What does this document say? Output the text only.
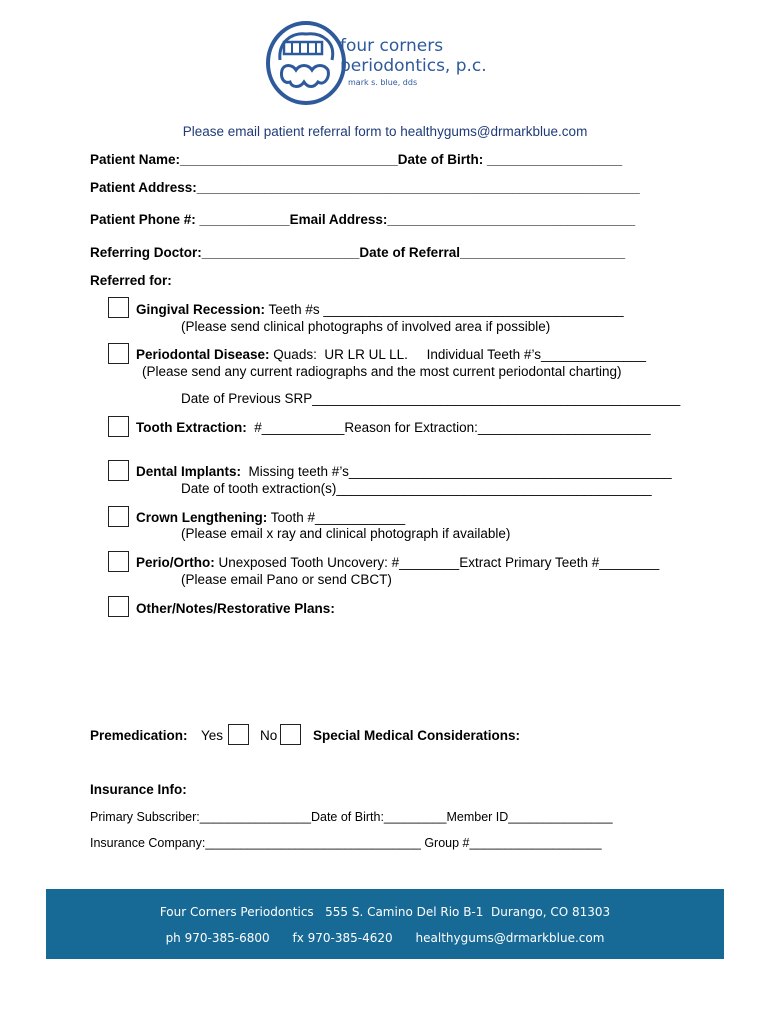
four corners
periodontics, p.c.
mark s. blue, dds
Please email patient referral form to healthygums@drmarkblue.com
Patient Name:_____________________________Date of Birth: __________________
Patient Address:___________________________________________________________
Patient Phone #: ____________Email Address:_________________________________
Referring Doctor:_____________________Date of Referral______________________
Referred for:
Gingival Recession: Teeth #s ________________________________________
(Please send clinical photographs of involved area if possible)
Periodontal Disease: Quads:  UR LR UL LL.     Individual Teeth #’s______________
(Please send any current radiographs and the most current periodontal charting)
Date of Previous SRP_________________________________________________
Tooth Extraction:  #___________Reason for Extraction:_______________________
Dental Implants:  Missing teeth #’s___________________________________________
Date of tooth extraction(s)__________________________________________
Crown Lengthening: Tooth #____________
(Please email x ray and clinical photograph if available)
Perio/Ortho: Unexposed Tooth Uncovery: #________Extract Primary Teeth #________
(Please email Pano or send CBCT)
Other/Notes/Restorative Plans:
Premedication: Yes	No	Special Medical Considerations:
Insurance Info:
Primary Subscriber:________________Date of Birth:_________Member ID_______________
Insurance Company:_______________________________ Group #___________________
Four Corners Periodontics   555 S. Camino Del Rio B-1  Durango, CO 81303
ph 970-385-6800      fx 970-385-4620      healthygums@drmarkblue.com
